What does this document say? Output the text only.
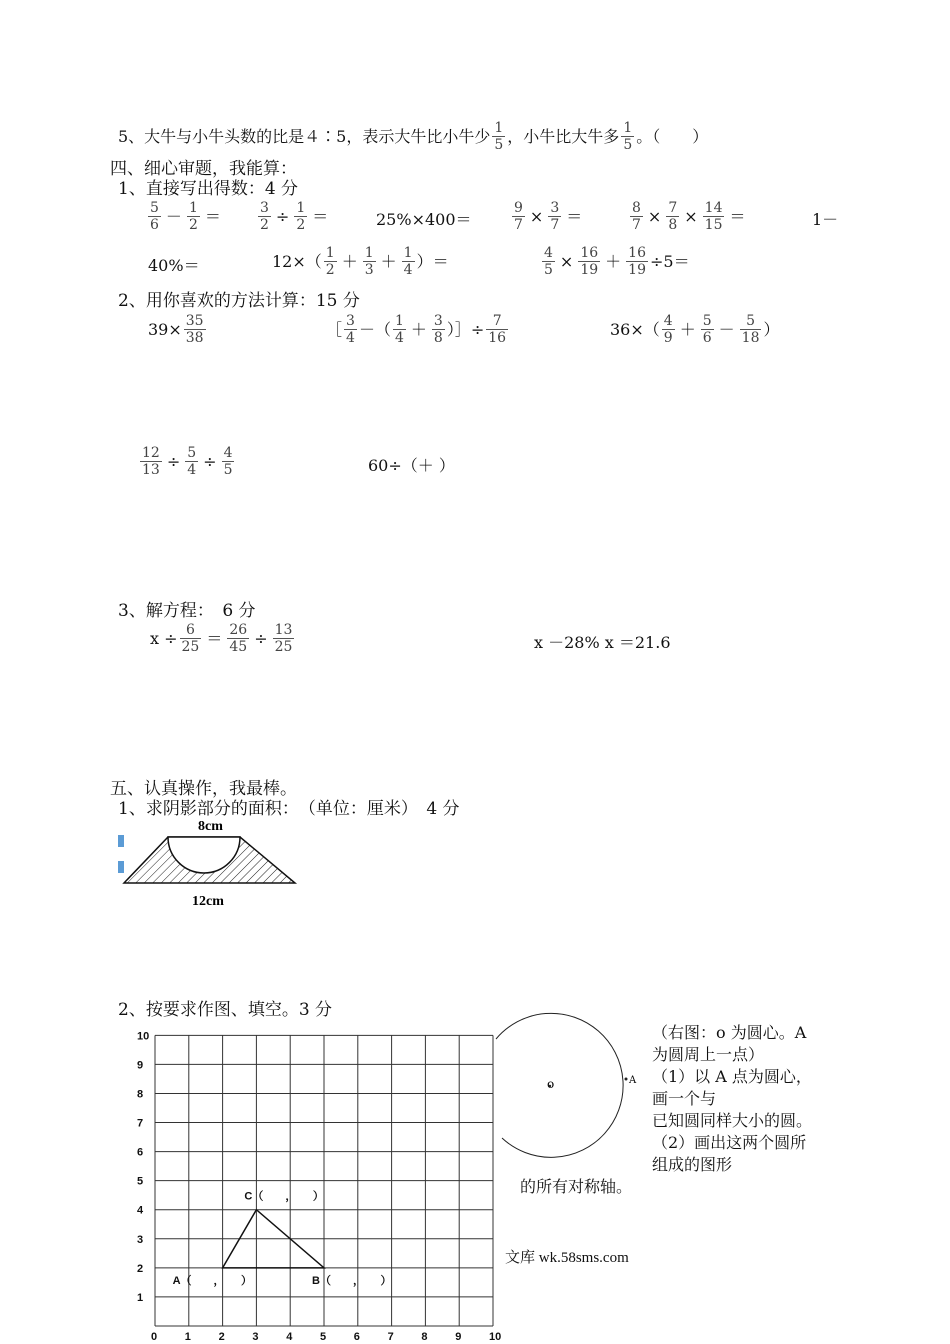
5、大牛与小牛头数的比是４∶5，表示大牛比小牛少 1
5 ，小牛比大牛多 1
5 。（　　）
四、细心审题，我能算：
1、直接写出得数：4 分
5
6 － 1
2 ＝	$\frac{3}{2} \div \frac{1}{2}$ ＝	25%×400＝	$\frac{9}{7} \times \frac{3}{7}$ ＝	$\frac{8}{7} \times \frac{7}{8} \times \frac{14}{15}$ ＝	1－
40%＝	12×（ 1
2 ＋ 1
3 ＋ 1
4 ）＝	$\frac{4}{5} \times \frac{16}{19} + \frac{16}{19} \div 5=$
2、用你喜欢的方法计算：15 分
$39\times \frac{35}{38}$	［ 3
4 －（ 1
4 ＋ 3
8 ）］÷ $\frac{7}{16}$	36×（ 4
9 ＋ 5
6 － 5
18 ）
$\frac{12}{13} \div \frac{5}{4} \div \frac{4}{5}$	60÷（＋ ）
3、解方程：　6 分
$x \div \frac{6}{25} = \frac{26}{45} \div \frac{13}{25}$	x －28% x ＝21.6
五、认真操作，我最棒。
1、求阴影部分的面积：　（单位：厘米）　4 分
8cm
12cm
2、按要求作图、填空。3 分
0	1	2	3	4	5	6	7	8	9	10
1
2
3
4
5
6
7
8
9
10
A（　　，　　）	B（　　，　　）
C（　　，　　）
o	A
（右图：o 为圆心。A
为圆周上一点）
（1）以 A 点为圆心，
画一个与
已知圆同样大小的圆。
（2）画出这两个圆所
组成的图形
的所有对称轴。
文库 wk.58sms.com
